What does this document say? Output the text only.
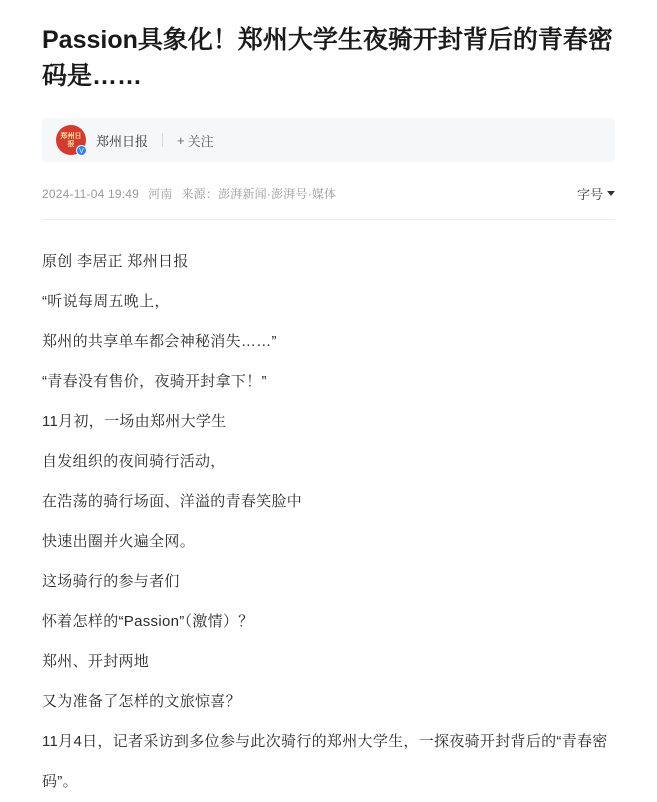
Passion具象化！郑州大学生夜骑开封背后的青春密码是……
郑州日报
V
郑州日报 + 关注
2024-11-04 19:49 河南 来源：澎湃新闻·澎湃号·媒体	字号

原创 李居正 郑州日报

“听说每周五晚上，

郑州的共享单车都会神秘消失……”

“青春没有售价，夜骑开封拿下！”

11月初，一场由郑州大学生

自发组织的夜间骑行活动，

在浩荡的骑行场面、洋溢的青春笑脸中

快速出圈并火遍全网。

这场骑行的参与者们

怀着怎样的“Passion”（激情）？

郑州、开封两地

又为准备了怎样的文旅惊喜？

11月4日，记者采访到多位参与此次骑行的郑州大学生，一探夜骑开封背后的“青春密码”。
